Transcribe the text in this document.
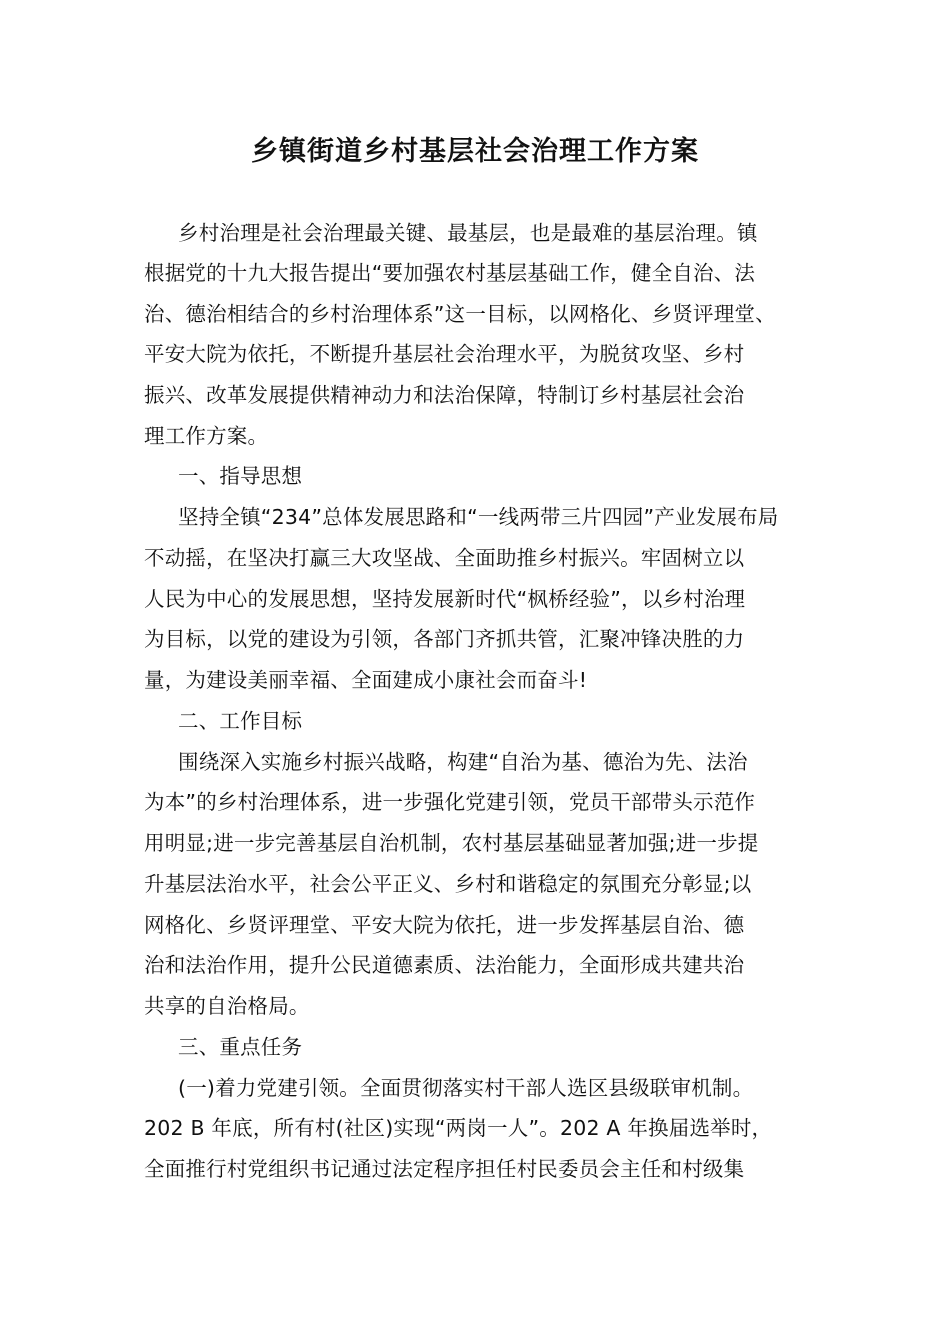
乡镇街道乡村基层社会治理工作方案

乡村治理是社会治理最关键、最基层，也是最难的基层治理。镇

根据党的十九大报告提出“要加强农村基层基础工作，健全自治、法

治、德治相结合的乡村治理体系”这一目标，以网格化、乡贤评理堂、

平安大院为依托，不断提升基层社会治理水平，为脱贫攻坚、乡村

振兴、改革发展提供精神动力和法治保障，特制订乡村基层社会治

理工作方案。

一、指导思想

坚持全镇“234”总体发展思路和“一线两带三片四园”产业发展布局

不动摇，在坚决打赢三大攻坚战、全面助推乡村振兴。牢固树立以

人民为中心的发展思想，坚持发展新时代“枫桥经验”，以乡村治理

为目标，以党的建设为引领，各部门齐抓共管，汇聚冲锋决胜的力

量，为建设美丽幸福、全面建成小康社会而奋斗!

二、工作目标

围绕深入实施乡村振兴战略，构建“自治为基、德治为先、法治

为本”的乡村治理体系，进一步强化党建引领，党员干部带头示范作

用明显;进一步完善基层自治机制，农村基层基础显著加强;进一步提

升基层法治水平，社会公平正义、乡村和谐稳定的氛围充分彰显;以

网格化、乡贤评理堂、平安大院为依托，进一步发挥基层自治、德

治和法治作用，提升公民道德素质、法治能力，全面形成共建共治

共享的自治格局。

三、重点任务

(一)着力党建引领。全面贯彻落实村干部人选区县级联审机制。

202 B 年底，所有村(社区)实现“两岗一人”。202 A 年换届选举时，

全面推行村党组织书记通过法定程序担任村民委员会主任和村级集
